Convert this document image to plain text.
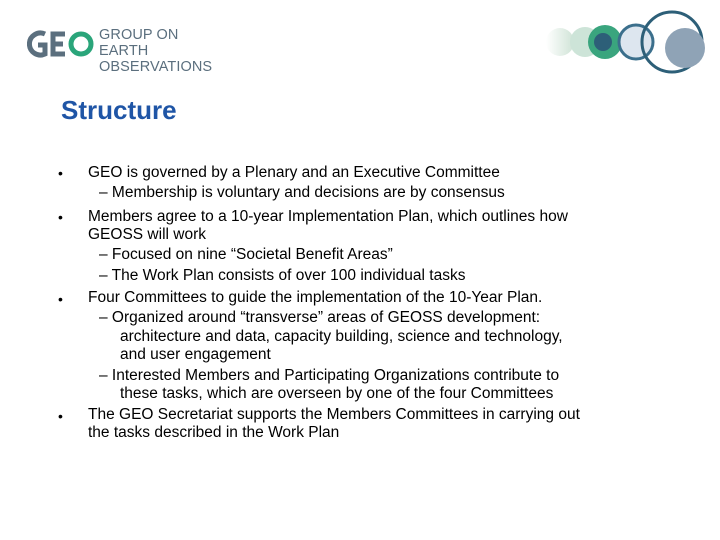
GROUP ON
EARTH OBSERVATIONS
Structure
• GEO is governed by a Plenary and an Executive Committee
– Membership is voluntary and decisions are by consensus
• Members agree to a 10-year Implementation Plan, which outlines how
GEOSS will work
– Focused on nine “Societal Benefit Areas”
– The Work Plan consists of over 100 individual tasks
• Four Committees to guide the implementation of the 10-Year Plan.
– Organized around “transverse” areas of GEOSS development:
architecture and data, capacity building, science and technology,
and user engagement
– Interested Members and Participating Organizations contribute to
these tasks, which are overseen by one of the four Committees
• The GEO Secretariat supports the Members Committees in carrying out
the tasks described in the Work Plan
